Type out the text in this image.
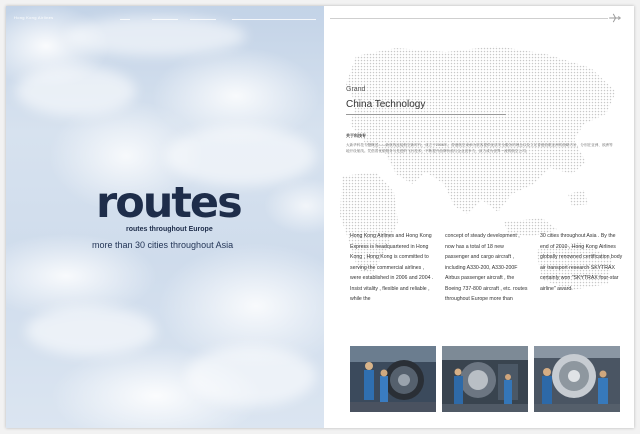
Hong Kong Airlines
routes
routes throughout Europe
more than 30 cities throughout Asia
Grand
China Technology
关于科技专
大新华科技专题概述——新航线连接航空新时代，成立于2006年。香港航空秉承为旅客提供优质安全服务的理念以及立足香港放眼亚洲的战略方针，分别在亚洲、欧洲等地开设航线。凭借着优质服务与先进的飞行技术，不断提升品牌价值与企业竞争力，致力成为世界一流的航空公司。
Hong Kong Airlines and Hong Kong Express is headquartered in Hong Kong , Hong Kong is committed to serving the commercial airlines , were established in 2006 and 2004 . Insist vitality , flexible and reliable , while the
concept of steady development , now has a total of 18 new passenger and cargo aircraft , including A330-200, A330-200F Airbus passenger aircraft , the Boeing 737-800 aircraft , etc. routes throughout Europe more than
30 cities throughout Asia . By the end of 2010 , Hong Kong Airlines globally renowned certification body air transport research SKYTRAX certainly won "SKYTRAX four-star airline" award.
